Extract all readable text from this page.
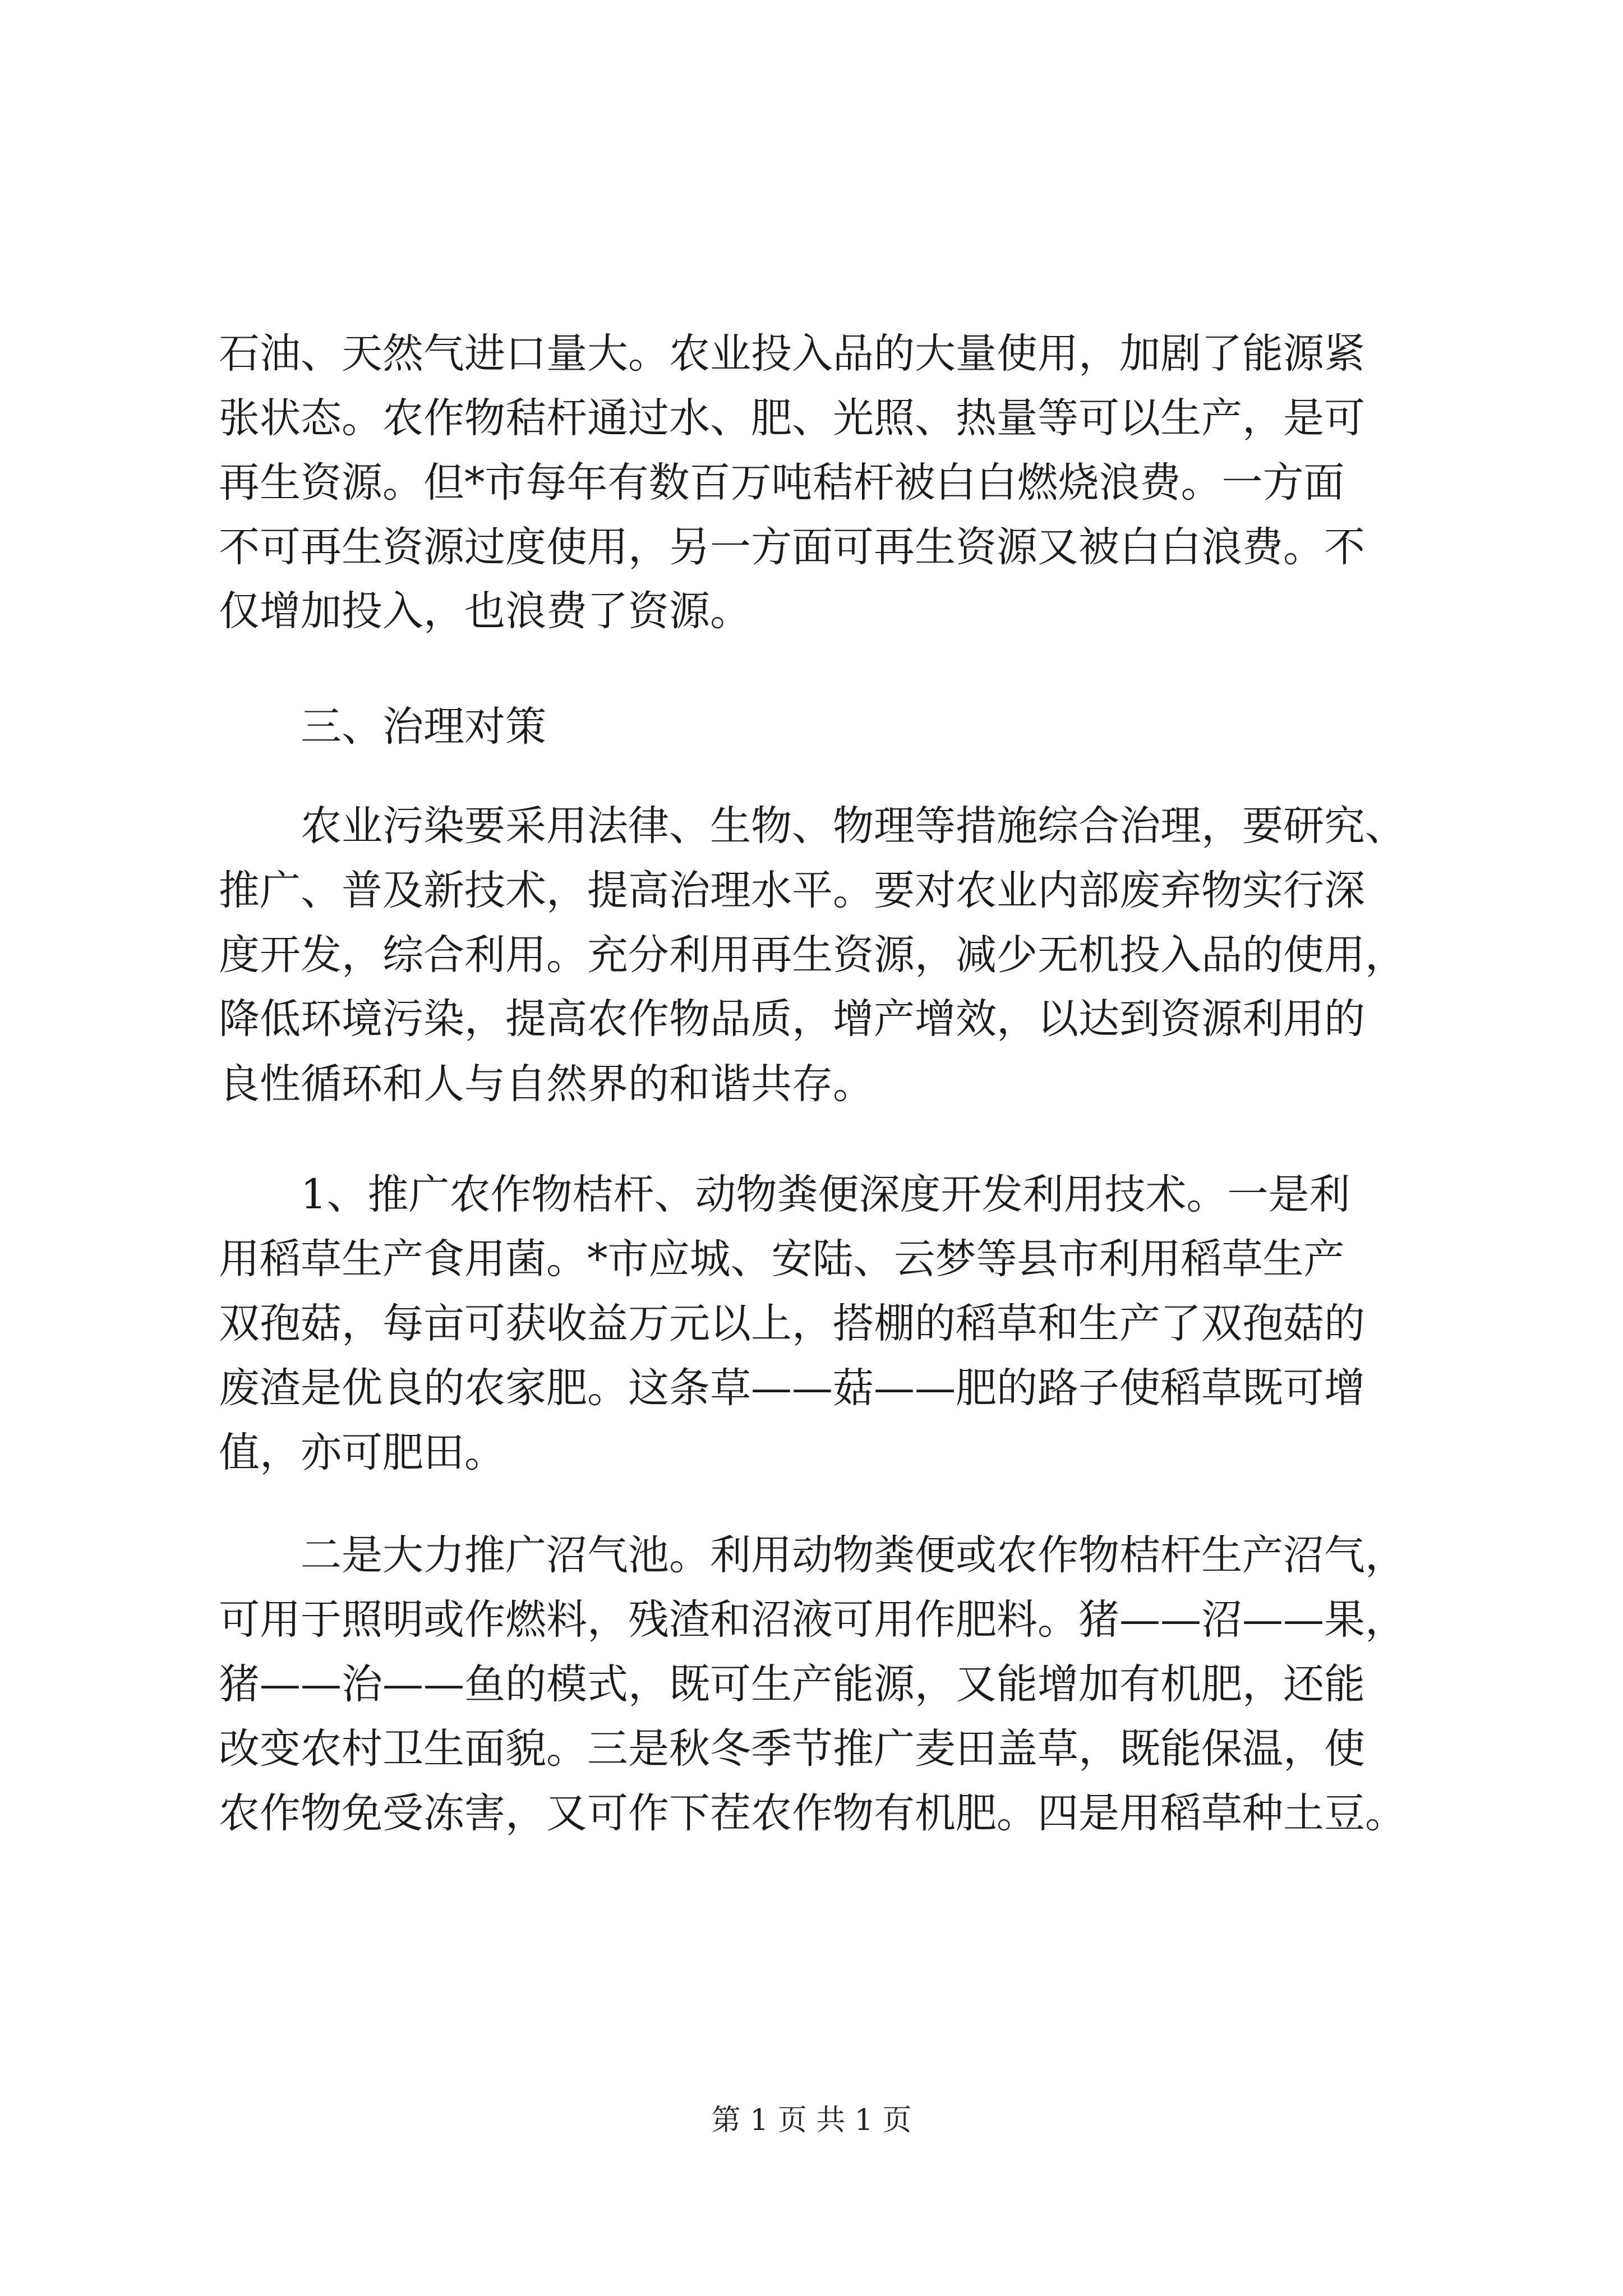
石油、天然气进口量大。农业投入品的大量使用，加剧了能源紧
张状态。农作物秸杆通过水、肥、光照、热量等可以生产，是可
再生资源。但*市每年有数百万吨秸杆被白白燃烧浪费。一方面
不可再生资源过度使用，另一方面可再生资源又被白白浪费。不
仅增加投入，也浪费了资源。
三、治理对策
农业污染要采用法律、生物、物理等措施综合治理，要研究、
推广、普及新技术，提高治理水平。要对农业内部废弃物实行深
度开发，综合利用。充分利用再生资源，减少无机投入品的使用，
降低环境污染，提高农作物品质，增产增效，以达到资源利用的
良性循环和人与自然界的和谐共存。
1、推广农作物桔杆、动物粪便深度开发利用技术。一是利
用稻草生产食用菌。*市应城、安陆、云梦等县市利用稻草生产
双孢菇，每亩可获收益万元以上，搭棚的稻草和生产了双孢菇的
废渣是优良的农家肥。这条草——菇——肥的路子使稻草既可增
值，亦可肥田。
二是大力推广沼气池。利用动物粪便或农作物桔杆生产沼气，
可用于照明或作燃料，残渣和沼液可用作肥料。猪——沼——果，
猪——治——鱼的模式，既可生产能源，又能增加有机肥，还能
改变农村卫生面貌。三是秋冬季节推广麦田盖草，既能保温，使
农作物免受冻害，又可作下茬农作物有机肥。四是用稻草种土豆。
第 1 页 共 1 页
